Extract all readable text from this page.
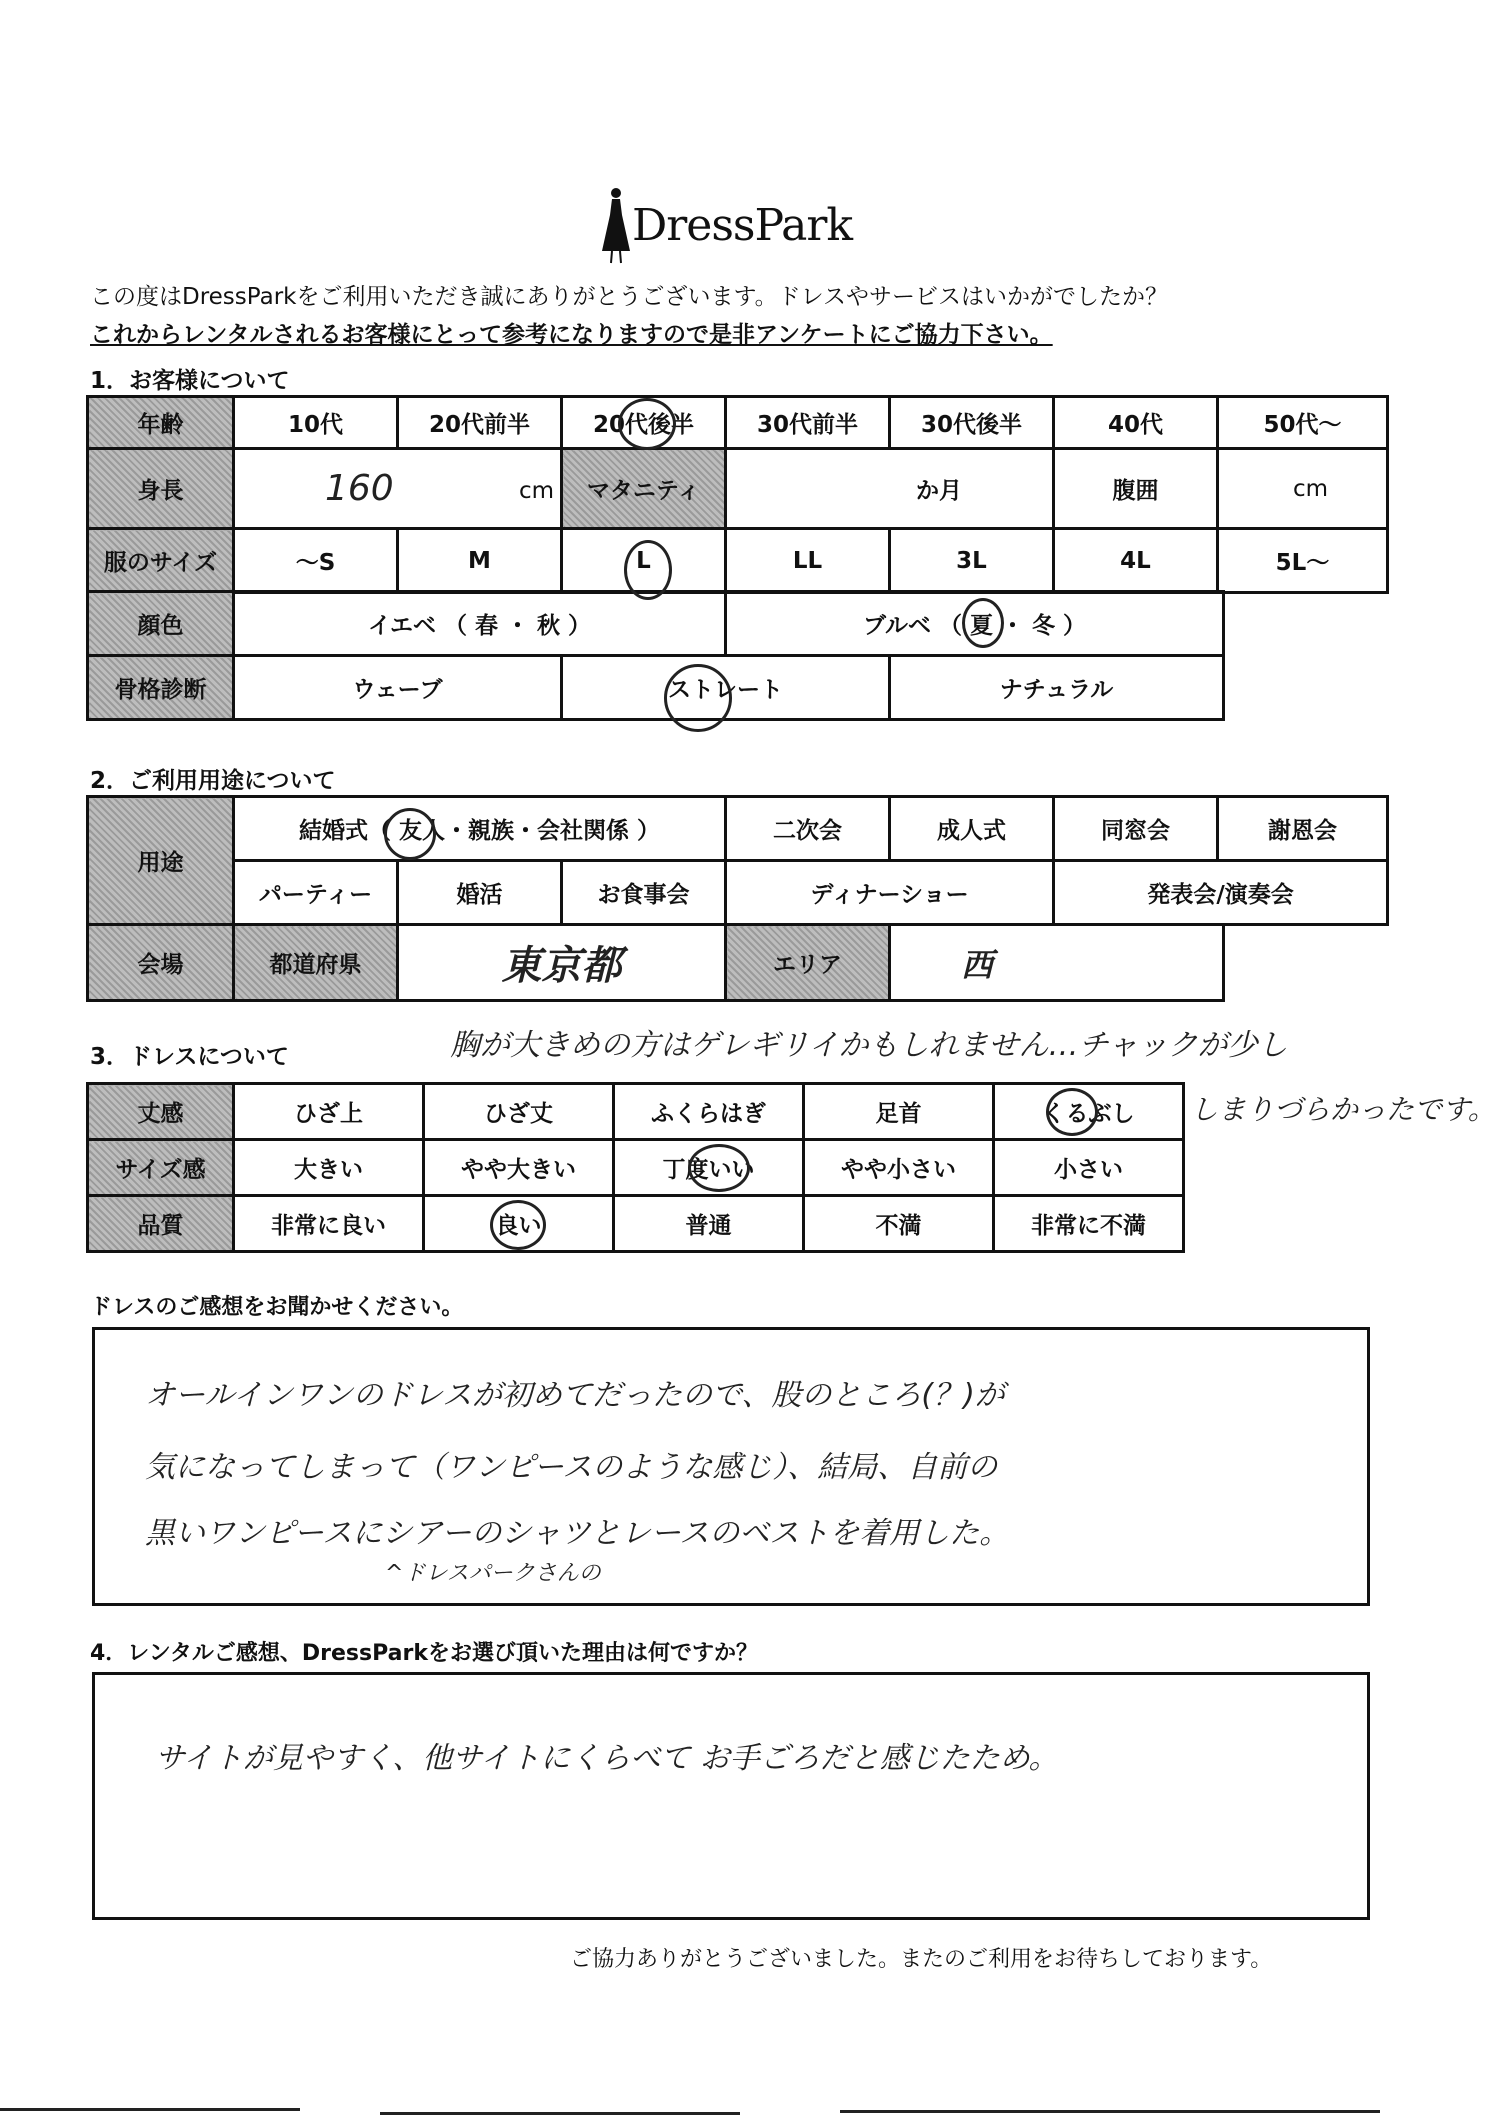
DressPark
この度はDressParkをご利用いただき誠にありがとうございます。ドレスやサービスはいかがでしたか？
これからレンタルされるお客様にとって参考になりますので是非アンケートにご協力下さい。
1．お客様について
年齢	10代	20代前半	20代後半	30代前半	30代後半	40代	50代～
身長	160 cm		マタニティ	か月		腹囲	cm
服のサイズ	～S	M	L	LL	3L	4L	5L～
顔色	イエベ （ 春 ・ 秋 ）	ブルベ （ 夏 ・ 冬 ）
骨格診断	ウェーブ	ストレート	ナチュラル
2．ご利用用途について
用途	結婚式（ 友人・親族・会社関係 ）			二次会	成人式	同窓会	謝恩会
	パーティー	婚活	お食事会	ディナーショー		発表会/演奏会	
会場	都道府県	東京都	エリア	西
3．ドレスについて	胸が大きめの方はゲレギリイかもしれません…チャックが少し
しまりづらかったです。
丈感	ひざ上	ひざ丈	ふくらはぎ	足首	くるぶし
サイズ感	大きい	やや大きい	丁度いい	やや小さい	小さい
品質	非常に良い	良い	普通	不満	非常に不満
ドレスのご感想をお聞かせください。
オールインワンのドレスが初めてだったので、股のところ(？)が
気になってしまって（ワンピースのような感じ）、結局、自前の
黒いワンピースにシアーのシャツとレースのベストを着用した。
^ドレスパークさんの
4．レンタルご感想、DressParkをお選び頂いた理由は何ですか？
サイトが見やすく、他サイトにくらべて お手ごろだと感じたため。
ご協力ありがとうございました。またのご利用をお待ちしております。
